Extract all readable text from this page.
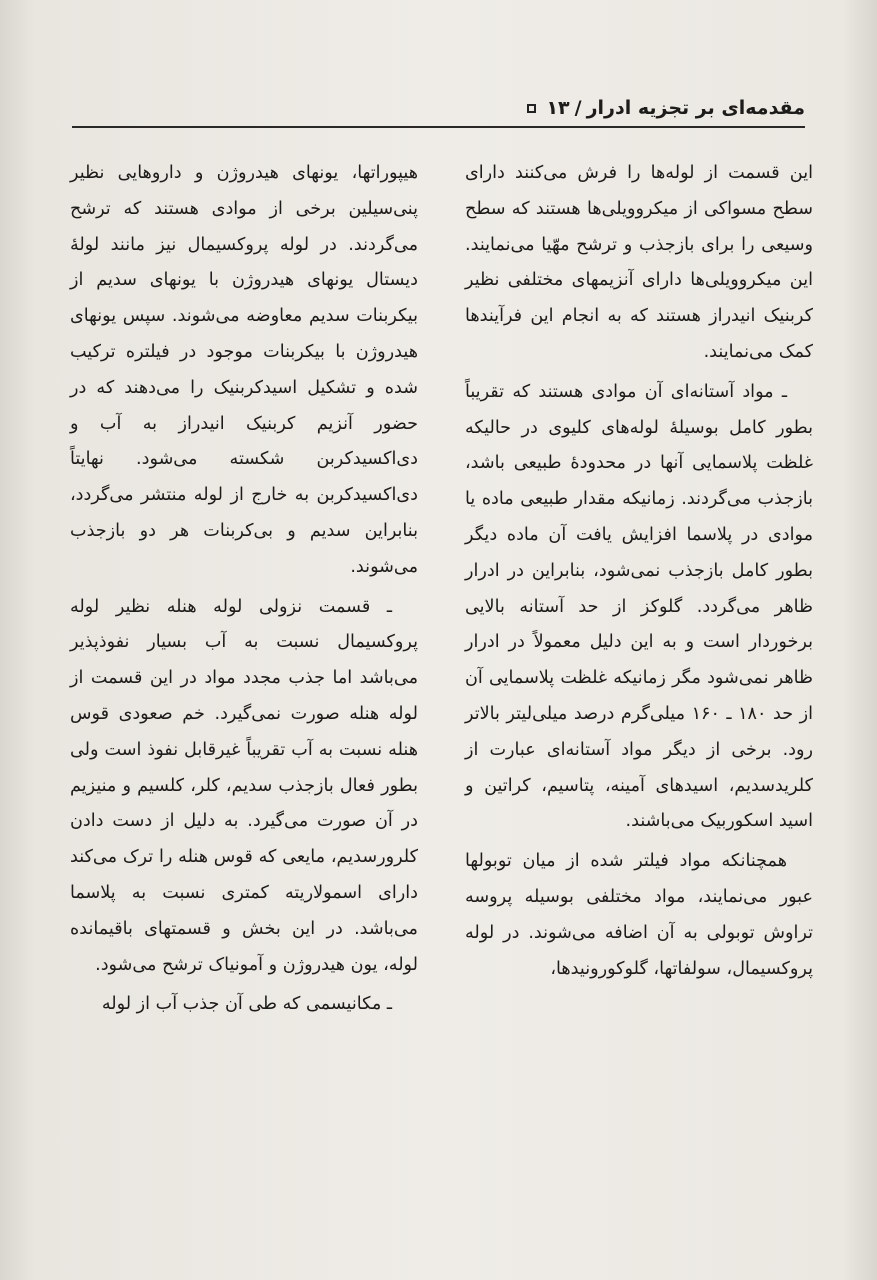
مقدمه‌ای بر تجزیه ادرار
/
۱۳

این قسمت از لوله‌ها را فرش می‌کنند دارای سطح مسواکی از میکروویلی‌ها هستند که سطح وسیعی را برای بازجذب و ترشح مهّیا می‌نمایند. این میکروویلی‌ها دارای آنزیمهای مختلفی نظیر کربنیک انیدراز هستند که به انجام این فرآیندها کمک می‌نمایند.

ـ مواد آستانه‌ای آن موادی هستند که تقریباً بطور کامل بوسیلهٔ لوله‌های کلیوی در حالیکه غلظت پلاسمایی آنها در محدودهٔ طبیعی باشد، بازجذب می‌گردند. زمانیکه مقدار طبیعی ماده یا موادی در پلاسما افزایش یافت آن ماده دیگر بطور کامل بازجذب نمی‌شود، بنابراین در ادرار ظاهر می‌گردد. گلوکز از حد آستانه بالایی برخوردار است و به این دلیل معمولاً در ادرار ظاهر نمی‌شود مگر زمانیکه غلظت پلاسمایی آن از حد ۱۸۰ ـ ۱۶۰ میلی‌گرم درصد میلی‌لیتر بالاتر رود. برخی از دیگر مواد آستانه‌ای عبارت از کلریدسدیم، اسیدهای آمینه، پتاسیم، کراتین و اسید اسکوربیک می‌باشند.

همچنانکه مواد فیلتر شده از میان توبولها عبور می‌نمایند، مواد مختلفی بوسیله پروسه تراوش توبولی به آن اضافه می‌شوند. در لوله پروکسیمال، سولفاتها، گلوکورونیدها،

هیپوراتها، یونهای هیدروژن و داروهایی نظیر پنی‌سیلین برخی از موادی هستند که ترشح می‌گردند. در لوله پروکسیمال نیز مانند لولهٔ دیستال یونهای هیدروژن با یونهای سدیم از بیکربنات سدیم معاوضه می‌شوند. سپس یونهای هیدروژن با بیکربنات موجود در فیلتره ترکیب شده و تشکیل اسیدکربنیک را می‌دهند که در حضور آنزیم کربنیک انیدراز به آب و دی‌اکسیدکربن شکسته می‌شود. نهایتاً دی‌اکسیدکربن به خارج از لوله منتشر می‌گردد، بنابراین سدیم و بی‌کربنات هر دو بازجذب می‌شوند.

ـ قسمت نزولی لوله هنله نظیر لوله پروکسیمال نسبت به آب بسیار نفوذپذیر می‌باشد اما جذب مجدد مواد در این قسمت از لوله هنله صورت نمی‌گیرد. خم صعودی قوس هنله نسبت به آب تقریباً غیرقابل نفوذ است ولی بطور فعال بازجذب سدیم، کلر، کلسیم و منیزیم در آن صورت می‌گیرد. به دلیل از دست دادن کلرورسدیم، مایعی که قوس هنله را ترک می‌کند دارای اسمولاریته کمتری نسبت به پلاسما می‌باشد. در این بخش و قسمتهای باقیمانده لوله، یون هیدروژن و آمونیاک ترشح می‌شود.

ـ مکانیسمی که طی آن جذب آب از لوله
